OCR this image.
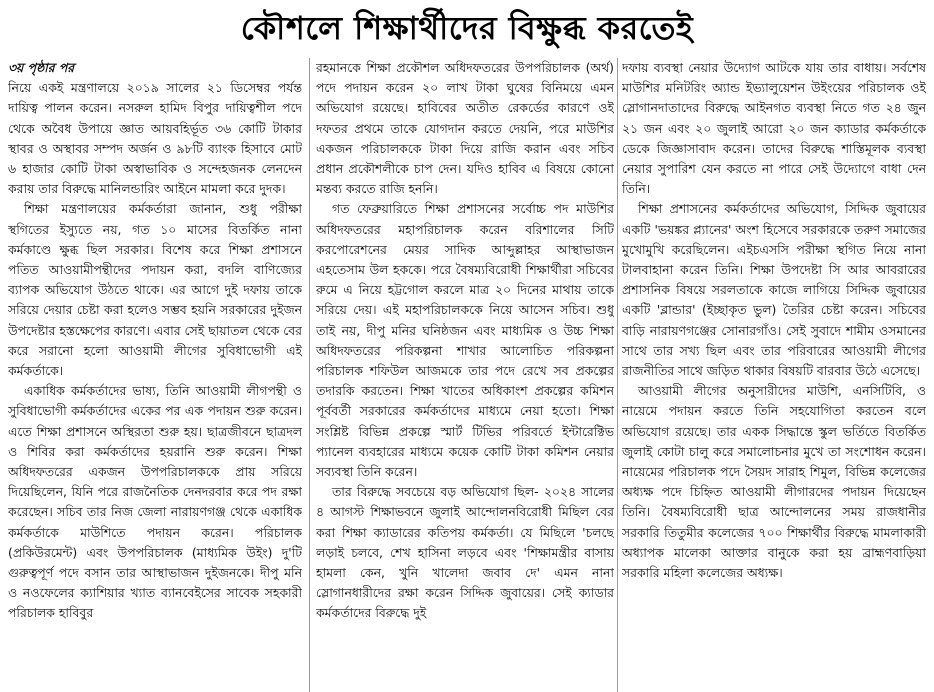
কৌশলে শিক্ষার্থীদের বিক্ষুব্ধ করতেই

৩য় পৃষ্ঠার পর

নিয়ে একই মন্ত্রণালয়ে ২০১৯ সালের ২১ ডিসেম্বর পর্যন্ত দায়িত্ব পালন করেন। নসরুল হামিদ বিপুর দায়িত্বশীল পদে থেকে অবৈধ উপায়ে জ্ঞাত আয়বহির্ভূত ৩৬ কোটি টাকার স্থাবর ও অস্থাবর সম্পদ অর্জন ও ৯৮টি ব্যাংক হিসাবে মোট ৬ হাজার কোটি টাকা অস্বাভাবিক ও সন্দেহজনক লেনদেন করায় তার বিরুদ্ধে মানিলন্ডারিং আইনে মামলা করে দুদক।

শিক্ষা মন্ত্রণালয়ের কর্মকর্তারা জানান, শুধু পরীক্ষা স্থগিতের ইস্যুতে নয়, গত ১০ মাসের বিতর্কিত নানা কর্মকাণ্ডে ক্ষুব্ধ ছিল সরকার। বিশেষ করে শিক্ষা প্রশাসনে পতিত আওয়ামীপন্থীদের পদায়ন করা, বদলি বাণিজ্যের ব্যাপক অভিযোগ উঠতে থাকে। এর আগে দুই দফায় তাকে সরিয়ে দেয়ার চেষ্টা করা হলেও সম্ভব হয়নি সরকারের দুইজন উপদেষ্টার হস্তক্ষেপের কারণে। এবার সেই ছায়াতল থেকে বের করে সরানো হলো আওয়ামী লীগের সুবিধাভোগী এই কর্মকর্তাকে।

একাধিক কর্মকর্তাদের ভাষ্য, তিনি আওয়ামী লীগপন্থী ও সুবিধাভোগী কর্মকর্তাদের একের পর এক পদায়ন শুরু করেন। এতে শিক্ষা প্রশাসনে অস্থিরতা শুরু হয়। ছাত্রজীবনে ছাত্রদল ও শিবির করা কর্মকর্তাদের হয়রানি শুরু করেন। শিক্ষা অধিদফতরের একজন উপপরিচালককে প্রায় সরিয়ে দিয়েছিলেন, যিনি পরে রাজনৈতিক দেনদরবার করে পদ রক্ষা করেছেন। সচিব তার নিজ জেলা নারায়ণগঞ্জ থেকে একাধিক কর্মকর্তাকে মাউশিতে পদায়ন করেন। পরিচালক (প্রকিউরমেন্ট) এবং উপপরিচালক (মাধ্যমিক উইং) দু'টি গুরুত্বপূর্ণ পদে বসান তার আস্থাভাজন দুইজনকে। দীপু মনি ও নওফেলের ক্যাশিয়ার খ্যাত ব্যানবেইসের সাবেক সহকারী পরিচালক হাবিবুর

রহমানকে শিক্ষা প্রকৌশল অধিদফতরের উপপরিচালক (অর্থ) পদে পদায়ন করেন ২০ লাখ টাকা ঘুষের বিনিময়ে এমন অভিযোগ রয়েছে। হাবিবের অতীত রেকর্ডের কারণে ওই দফতর প্রথমে তাকে যোগদান করতে দেয়নি, পরে মাউশির একজন পরিচালককে টাকা দিয়ে রাজি করান এবং সচিব প্রধান প্রকৌশলীকে চাপ দেন। যদিও হাবিব এ বিষয়ে কোনো মন্তব্য করতে রাজি হননি।

গত ফেব্রুয়ারিতে শিক্ষা প্রশাসনের সর্বোচ্চ পদ মাউশির অধিদফতরের মহাপরিচালক করেন বরিশালের সিটি করপোরেশনের মেয়র সাদিক আব্দুল্লাহর আস্থাভাজন এহতেসাম উল হককে। পরে বৈষম্যবিরোধী শিক্ষার্থীরা সচিবের রুমে এ নিয়ে হট্টগোল করলে মাত্র ২০ দিনের মাথায় তাকে সরিয়ে দেয়। এই মহাপরিচালককে নিয়ে আসেন সচিব। শুধু তাই নয়, দীপু মনির ঘনিষ্ঠজন এবং মাধ্যমিক ও উচ্চ শিক্ষা অধিদফতরের পরিকল্পনা শাখার আলোচিত পরিকল্পনা পরিচালক শফিউল আজমকে তার পদে রেখে সব প্রকল্পের তদারকি করতেন। শিক্ষা খাতের অধিকাংশ প্রকল্পের কমিশন পূর্ববর্তী সরকারের কর্মকর্তাদের মাধ্যমে নেয়া হতো। শিক্ষা সংশ্লিষ্ট বিভিন্ন প্রকল্পে স্মার্ট টিভির পরিবর্তে ইন্টারেক্টিভ প্যানেল ব্যবহারের মাধ্যমে কয়েক কোটি টাকা কমিশন নেয়ার সব্যবস্থা তিনি করেন।

তার বিরুদ্ধে সবচেয়ে বড় অভিযোগ ছিল- ২০২৪ সালের ৪ আগস্ট শিক্ষাভবনে জুলাই আন্দোলনবিরোধী মিছিল বের করা শিক্ষা ক্যাডারের কতিপয় কর্মকর্তা। যে মিছিলে 'চলছে লড়াই চলবে, শেখ হাসিনা লড়বে এবং 'শিক্ষামন্ত্রীর বাসায় হামলা কেন, খুনি খালেদা জবাব দে' এমন নানা স্লোগানধারীদের রক্ষা করেন সিদ্দিক জুবায়ের। সেই ক্যাডার কর্মকর্তাদের বিরুদ্ধে দুই

দফায় ব্যবস্থা নেয়ার উদ্যোগ আটকে যায় তার বাধায়। সর্বশেষ মাউশির মনিটরিং অ্যান্ড ইভ্যালুয়েশন উইংয়ের পরিচালক ওই স্লোগানদাতাদের বিরুদ্ধে আইনগত ব্যবস্থা নিতে গত ২৪ জুন ২১ জন এবং ২০ জুলাই আরো ২০ জন ক্যাডার কর্মকর্তাকে ডেকে জিজ্ঞাসাবাদ করেন। তাদের বিরুদ্ধে শাস্তিমূলক ব্যবস্থা নেয়ার সুপারিশ যেন করতে না পারে সেই উদ্যোগে বাধা দেন তিনি।

শিক্ষা প্রশাসনের কর্মকর্তাদের অভিযোগ, সিদ্দিক জুবায়ের একটি 'ভয়ঙ্কর প্ল্যানের' অংশ হিসেবে সরকারকে তরুণ সমাজের মুখোমুখি করেছিলেন। এইচএসসি পরীক্ষা স্থগিত নিয়ে নানা টালবাহানা করেন তিনি। শিক্ষা উপদেষ্টা সি আর আবরারের প্রশাসনিক বিষয়ে সরলতাকে কাজে লাগিয়ে সিদ্দিক জুবায়ের একটি 'ব্লান্ডার' (ইচ্ছাকৃত ভুল) তৈরির চেষ্টা করেন। সচিবের বাড়ি নারায়ণগঞ্জের সোনারগাঁও। সেই সুবাদে শামীম ওসমানের সাথে তার সখ্য ছিল এবং তার পরিবারের আওয়ামী লীগের রাজনীতির সাথে জড়িত থাকার বিষয়টি বারবার উঠে এসেছে।

আওয়ামী লীগের অনুসারীদের মাউশি, এনসিটিবি, ও নায়েমে পদায়ন করতে তিনি সহযোগিতা করতেন বলে অভিযোগ রয়েছে। তার একক সিদ্ধান্তে স্কুল ভর্তিতে বিতর্কিত জুলাই কোটা চালু করে সমালোচনার মুখে তা সংশোধন করেন। নায়েমের পরিচালক পদে সৈয়দ সারাহ শিমুল, বিভিন্ন কলেজের অধ্যক্ষ পদে চিহ্নিত আওয়ামী লীগারদের পদায়ন দিয়েছেন তিনি। বৈষম্যবিরোধী ছাত্র আন্দোলনের সময় রাজধানীর সরকারি তিতুমীর কলেজের ৭০০ শিক্ষার্থীর বিরুদ্ধে মামলাকারী অধ্যাপক মালেকা আক্তার বানুকে করা হয় ব্রাহ্মণবাড়িয়া সরকারি মহিলা কলেজের অধ্যক্ষ।
